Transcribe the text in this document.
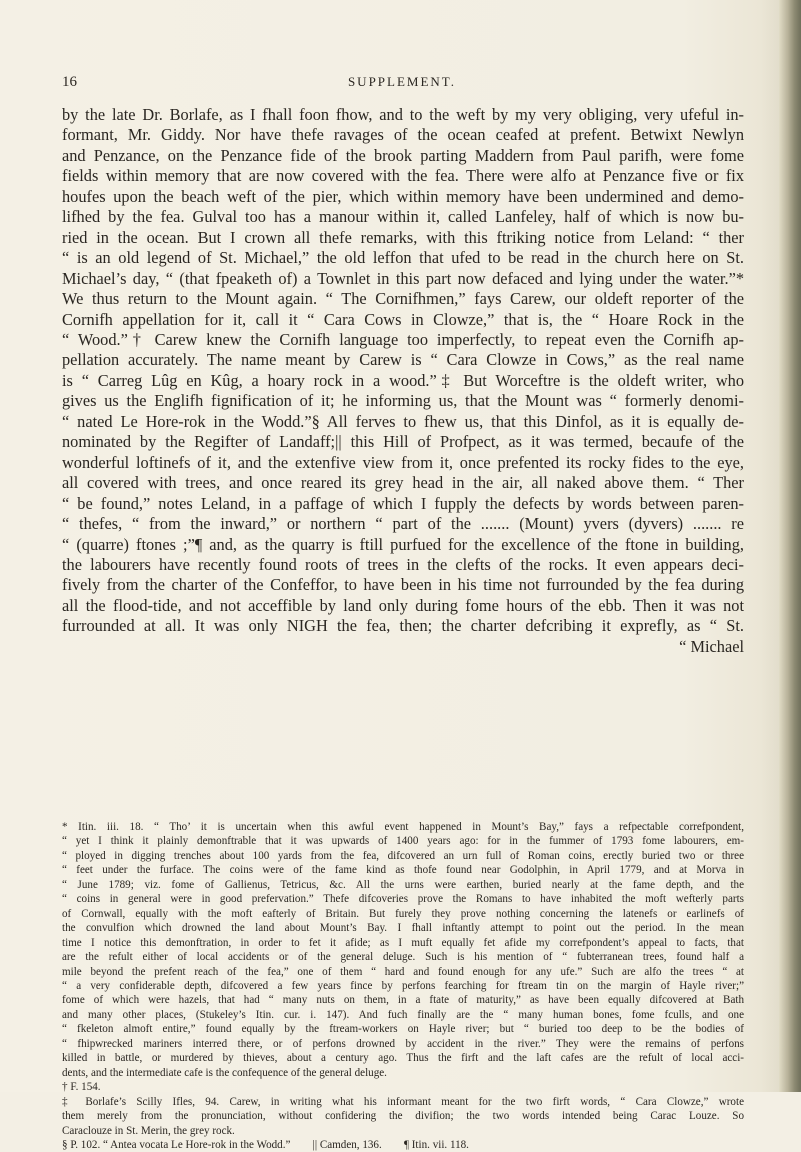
16	SUPPLEMENT.
by the late Dr. Borlafe, as I fhall foon fhow, and to the weft by my very obliging, very ufeful in-
formant, Mr. Giddy. Nor have thefe ravages of the ocean ceafed at prefent. Betwixt Newlyn
and Penzance, on the Penzance fide of the brook parting Maddern from Paul parifh, were fome
fields within memory that are now covered with the fea. There were alfo at Penzance five or fix
houfes upon the beach weft of the pier, which within memory have been undermined and demo-
lifhed by the fea. Gulval too has a manour within it, called Lanfeley, half of which is now bu-
ried in the ocean. But I crown all thefe remarks, with this ftriking notice from Leland: “ ther
“ is an old legend of St. Michael,” the old leffon that ufed to be read in the church here on St.
Michael’s day, “ (that fpeaketh of) a Townlet in this part now defaced and lying under the water.”*
We thus return to the Mount again. “ The Cornifhmen,” fays Carew, our oldeft reporter of the
Cornifh appellation for it, call it “ Cara Cows in Clowze,” that is, the “ Hoare Rock in the
“ Wood.”† Carew knew the Cornifh language too imperfectly, to repeat even the Cornifh ap-
pellation accurately. The name meant by Carew is “ Cara Clowze in Cows,” as the real name
is “ Carreg Lûg en Kûg, a hoary rock in a wood.”‡ But Worceftre is the oldeft writer, who
gives us the Englifh fignification of it; he informing us, that the Mount was “ formerly denomi-
“ nated Le Hore-rok in the Wodd.”§ All ferves to fhew us, that this Dinfol, as it is equally de-
nominated by the Regifter of Landaff;|| this Hill of Profpect, as it was termed, becaufe of the
wonderful loftinefs of it, and the extenfive view from it, once prefented its rocky fides to the eye,
all covered with trees, and once reared its grey head in the air, all naked above them. “ Ther
“ be found,” notes Leland, in a paffage of which I fupply the defects by words between paren-
“ thefes, “ from the inward,” or northern “ part of the ....... (Mount) yvers (dyvers) ....... re
“ (quarre) ftones ;”¶ and, as the quarry is ftill purfued for the excellence of the ftone in building,
the labourers have recently found roots of trees in the clefts of the rocks. It even appears deci-
fively from the charter of the Confeffor, to have been in his time not furrounded by the fea during
all the flood-tide, and not acceffible by land only during fome hours of the ebb. Then it was not
furrounded at all. It was only NIGH the fea, then; the charter defcribing it exprefly, as “ St.
“ Michael
* Itin. iii. 18. “ Tho’ it is uncertain when this awful event happened in Mount’s Bay,” fays a refpectable correfpondent,
“ yet I think it plainly demonftrable that it was upwards of 1400 years ago: for in the fummer of 1793 fome labourers, em-
“ ployed in digging trenches about 100 yards from the fea, difcovered an urn full of Roman coins, erectly buried two or three
“ feet under the furface. The coins were of the fame kind as thofe found near Godolphin, in April 1779, and at Morva in
“ June 1789; viz. fome of Gallienus, Tetricus, &c. All the urns were earthen, buried nearly at the fame depth, and the
“ coins in general were in good prefervation.” Thefe difcoveries prove the Romans to have inhabited the moft wefterly parts
of Cornwall, equally with the moft eafterly of Britain. But furely they prove nothing concerning the latenefs or earlinefs of
the convulfion which drowned the land about Mount’s Bay. I fhall inftantly attempt to point out the period. In the mean
time I notice this demonftration, in order to fet it afide; as I muft equally fet afide my correfpondent’s appeal to facts, that
are the refult either of local accidents or of the general deluge. Such is his mention of “ fubterranean trees, found half a
mile beyond the prefent reach of the fea,” one of them “ hard and found enough for any ufe.” Such are alfo the trees “ at
“ a very confiderable depth, difcovered a few years fince by perfons fearching for ftream tin on the margin of Hayle river;”
fome of which were hazels, that had “ many nuts on them, in a ftate of maturity,” as have been equally difcovered at Bath
and many other places, (Stukeley’s Itin. cur. i. 147). And fuch finally are the “ many human bones, fome fculls, and one
“ fkeleton almoft entire,” found equally by the ftream-workers on Hayle river; but “ buried too deep to be the bodies of
“ fhipwrecked mariners interred there, or of perfons drowned by accident in the river.” They were the remains of perfons
killed in battle, or murdered by thieves, about a century ago. Thus the firft and the laft cafes are the refult of local acci-
dents, and the intermediate cafe is the confequence of the general deluge.
† F. 154.
‡ Borlafe’s Scilly Ifles, 94. Carew, in writing what his informant meant for the two firft words, “ Cara Clowze,” wrote
them merely from the pronunciation, without confidering the divifion; the two words intended being Carac Louze. So
Caraclouze in St. Merin, the grey rock.
§ P. 102. “ Antea vocata Le Hore-rok in the Wodd.”        || Camden, 136.        ¶ Itin. vii. 118.
